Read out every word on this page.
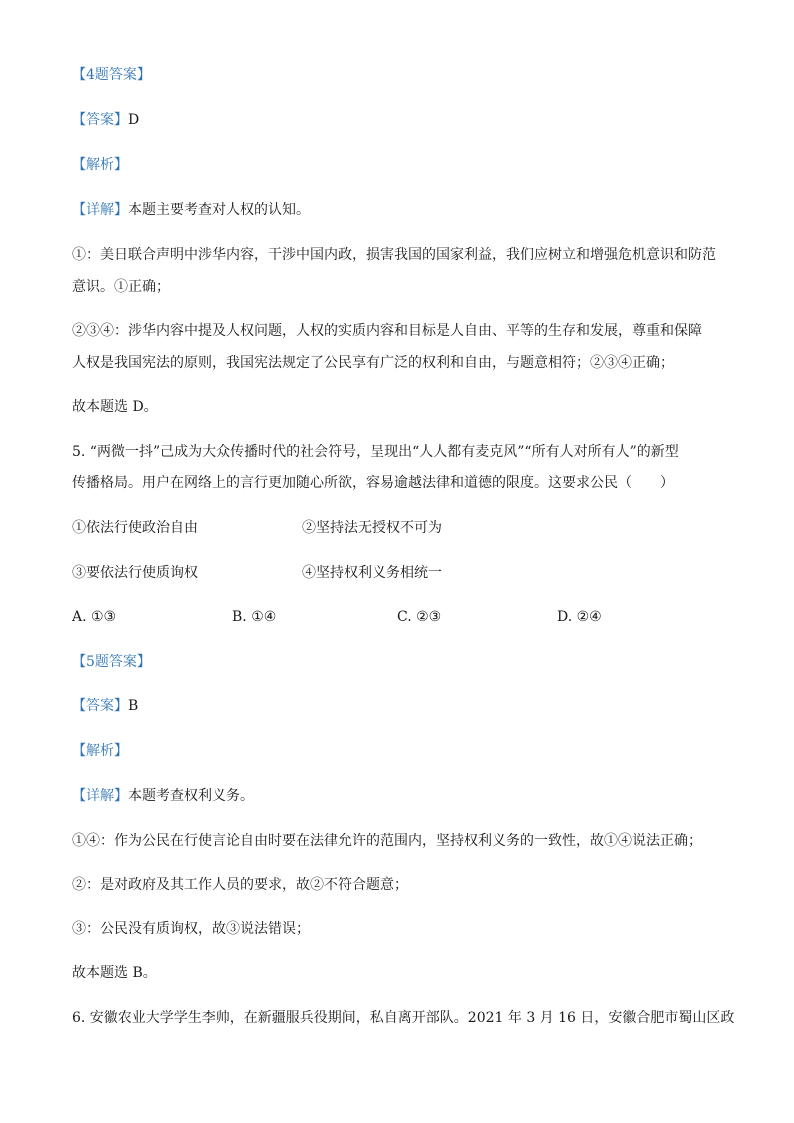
【4题答案】
【答案】D
【解析】
【详解】本题主要考查对人权的认知。
①：美日联合声明中涉华内容，干涉中国内政，损害我国的国家利益，我们应树立和增强危机意识和防范
意识。①正确；
②③④：涉华内容中提及人权问题，人权的实质内容和目标是人自由、平等的生存和发展，尊重和保障
人权是我国宪法的原则，我国宪法规定了公民享有广泛的权利和自由，与题意相符；②③④正确；
故本题选 D。
5. “两微一抖”己成为大众传播时代的社会符号，呈现出“人人都有麦克风”“所有人对所有人”的新型
传播格局。用户在网络上的言行更加随心所欲，容易逾越法律和道德的限度。这要求公民（　　）
①依法行使政治自由	②坚持法无授权不可为
③要依法行使质询权	④坚持权利义务相统一
A. ①③	B. ①④	C. ②③	D. ②④
【5题答案】
【答案】B
【解析】
【详解】本题考查权利义务。
①④：作为公民在行使言论自由时要在法律允许的范围内，坚持权利义务的一致性，故①④说法正确；
②：是对政府及其工作人员的要求，故②不符合题意；
③：公民没有质询权，故③说法错误；
故本题选 B。
6. 安徽农业大学学生李帅，在新疆服兵役期间，私自离开部队。2021 年 3 月 16 日，安徽合肥市蜀山区政
